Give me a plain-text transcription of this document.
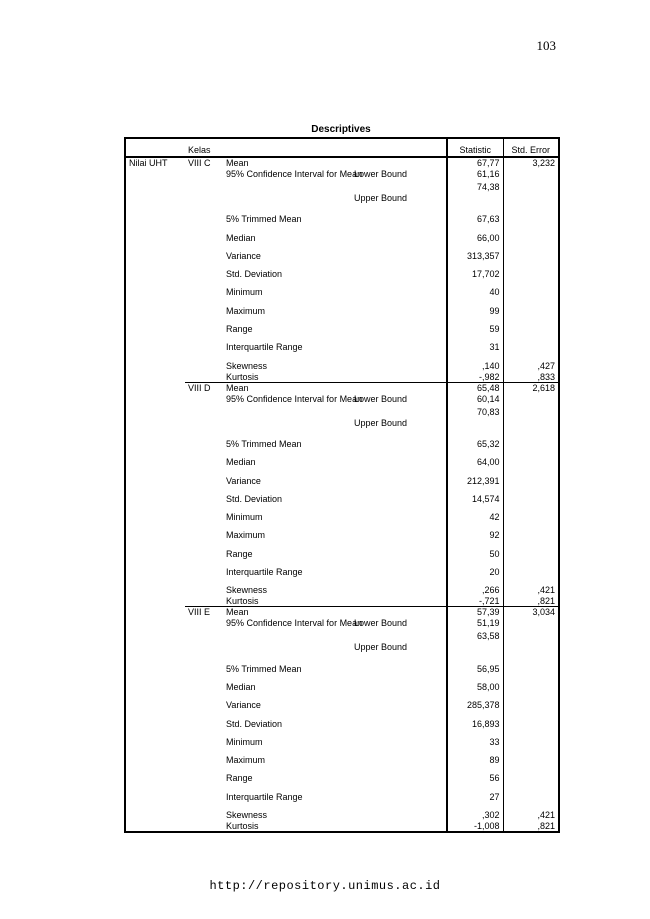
103
Descriptives
	Kelas			Statistic	Std. Error
Nilai UHT	VIII C	Mean		67,77	3,232
		95% Confidence Interval for Mean	Lower Bound	61,16	
			Upper Bound	74,38	
		5% Trimmed Mean		67,63	
		Median		66,00	
		Variance		313,357	
		Std. Deviation		17,702	
		Minimum		40	
		Maximum		99	
		Range		59	
		Interquartile Range		31	
		Skewness		,140	,427
		Kurtosis		-,982	,833
	VIII D	Mean		65,48	2,618
		95% Confidence Interval for Mean	Lower Bound	60,14	
			Upper Bound	70,83	
		5% Trimmed Mean		65,32	
		Median		64,00	
		Variance		212,391	
		Std. Deviation		14,574	
		Minimum		42	
		Maximum		92	
		Range		50	
		Interquartile Range		20	
		Skewness		,266	,421
		Kurtosis		-,721	,821
	VIII E	Mean		57,39	3,034
		95% Confidence Interval for Mean	Lower Bound	51,19	
			Upper Bound	63,58	
		5% Trimmed Mean		56,95	
		Median		58,00	
		Variance		285,378	
		Std. Deviation		16,893	
		Minimum		33	
		Maximum		89	
		Range		56	
		Interquartile Range		27	
		Skewness		,302	,421
		Kurtosis		-1,008	,821
http://repository.unimus.ac.id
